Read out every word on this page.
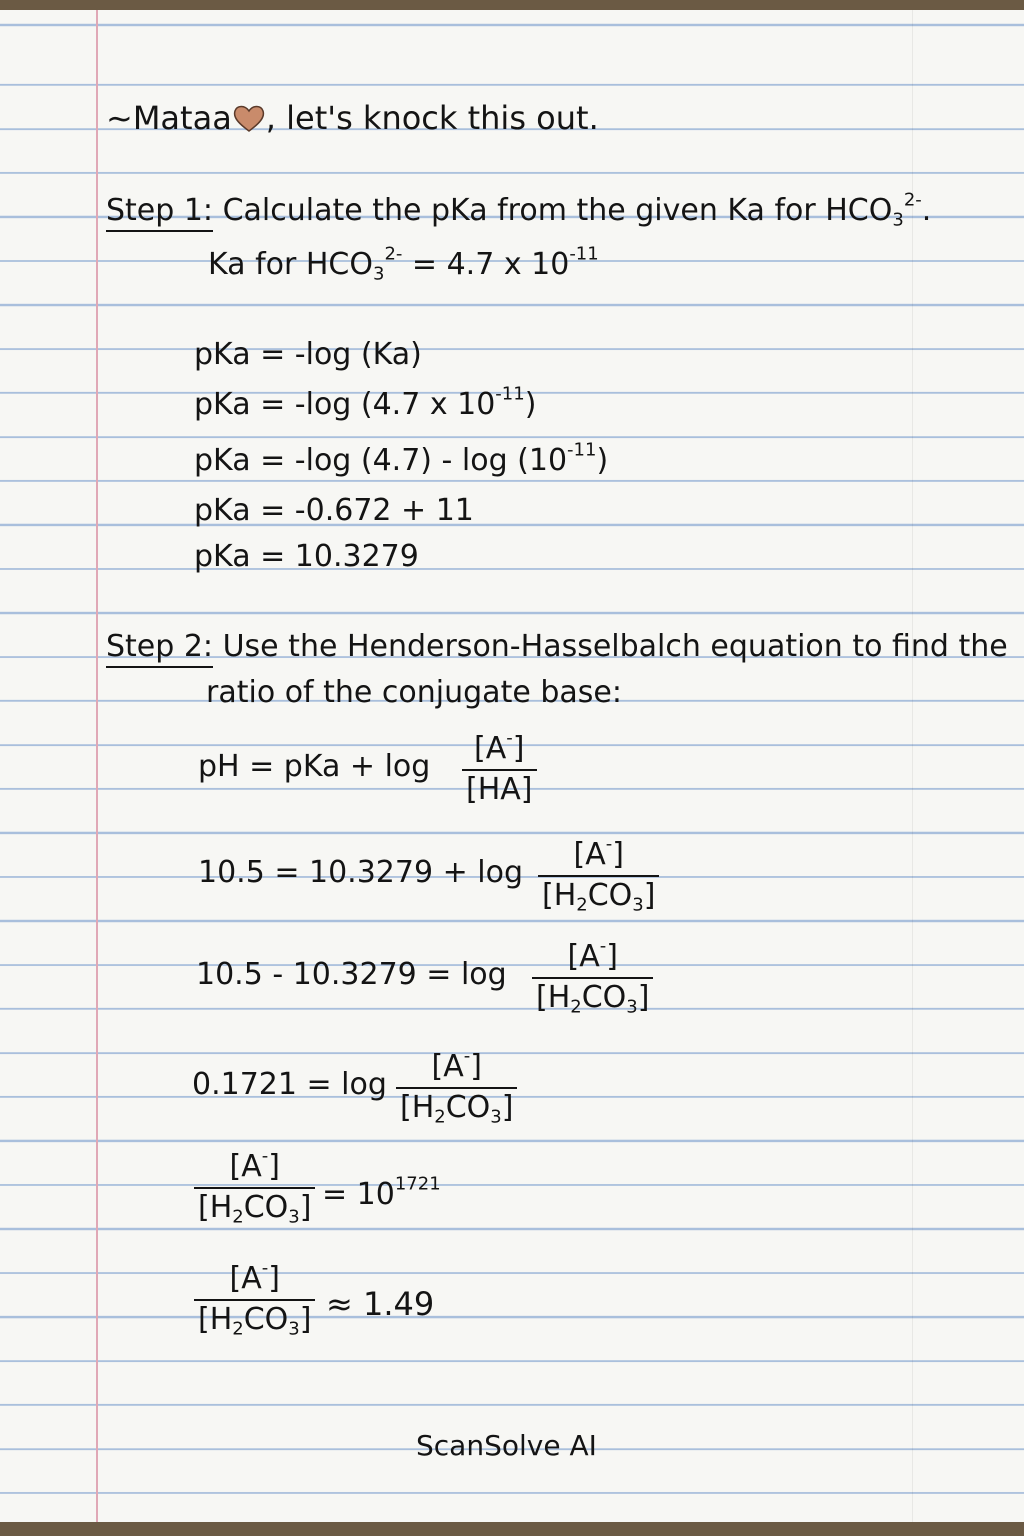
~Mataa , let's knock this out.
Step 1: Calculate the pKa from the given Ka for $HCO_3^{2-}$.
Ka for $HCO_3^{2-} = 4.7$ x $10^{-11}$
pKa = -log (Ka)
pKa = -log (4.7 x $10^{-11}$)
pKa = -log $(4.7) - \log (10^{-11})$
pKa = -0.672 + 11
pKa = 10.3279
Step 2: Use the Henderson-Hasselbalch equation to find the
ratio of the conjugate base:
pH = pKa + $\log \frac{[A^-]}{[HA]}$
$10.5 = 10.3279 + \log \frac{[A^-]}{[H_2CO_3]}$
$10.5 - 10.3279 = \log \frac{[A^-]}{[H_2CO_3]}$
$0.1721 = \log \frac{[A^-]}{[H_2CO_3]}$
$\frac{[A^-]}{[H_2CO_3]} = 10^{1721}$
$\frac{[A^-]}{[H_2CO_3]} \approx 1.49$
ScanSolve AI
